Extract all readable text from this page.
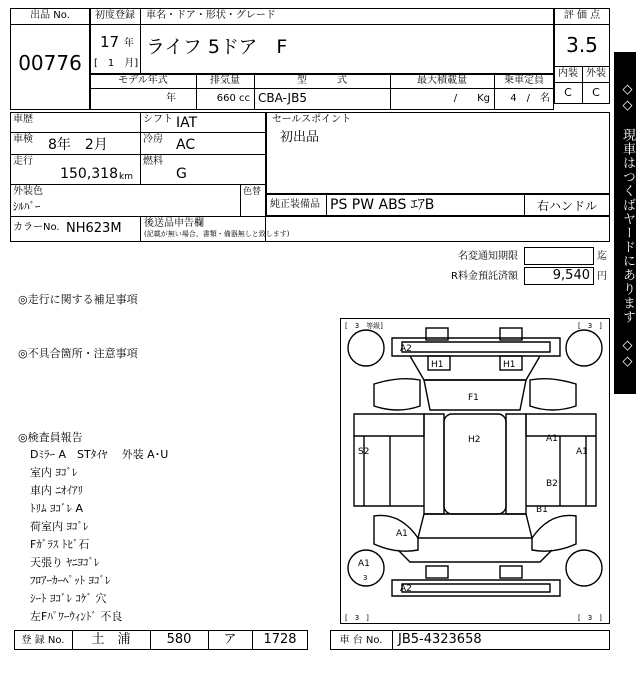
出品 No.
00776
初度登録
17 年
[　1　月]
車名・ドア・形状・グレード
ライフ 5ドア　F
評 価 点
3.5
内装 外装
C	C
モデル年式	排気量	型　　　式	最大積載量	乗車定員
年	660 cc CBA-JB5	/　　Kg	4　/　名
車歴	シフト IAT
車検 8年　2月	冷房 AC
走行
150,318 km
燃料
G
外装色
ｼﾙﾊﾞｰ
色替
カラーNo. NH623M
セールスポイント
初出品
純正装備品 PS PW ABS ｴｱB	右ハンドル
後送品申告欄
(記載が無い場合、書類・備器無しと致します)
名変通知期限	迄
R料金預託済額	9,540 円
◎走行に関する補足事項
◎不具合箇所・注意事項
◎検査員報告
Dﾐﾗｰ A　STﾀｲﾔ　 外装 A･U
室内 ﾖｺﾞﾚ
車内 ﾆｵｲｱﾘ
ﾄﾘﾑ ﾖｺﾞﾚ A
荷室内 ﾖｺﾞﾚ
Fｶﾞﾗｽ ﾄﾋﾞ石
天張り ﾔﾆﾖｺﾞﾚ
ﾌﾛｱｰｶｰﾍﾟｯﾄ ﾖｺﾞﾚ
ｼｰﾄ ﾖｺﾞﾚ ｺｹﾞ 穴
左Fﾊﾟﾜｰｳｨﾝﾄﾞ 不良
[　3　等級]	[　3　]
[　3　]	[　3　]
A2
H1	H1
F1
H2
S2
A1
A1
B2
B1
A1
A1
3
A2
◇◇　現車はつくばヤードにあります　◇◇
登 録 No.	土　浦	580	ア	1728	車 台 No.	JB5-4323658
